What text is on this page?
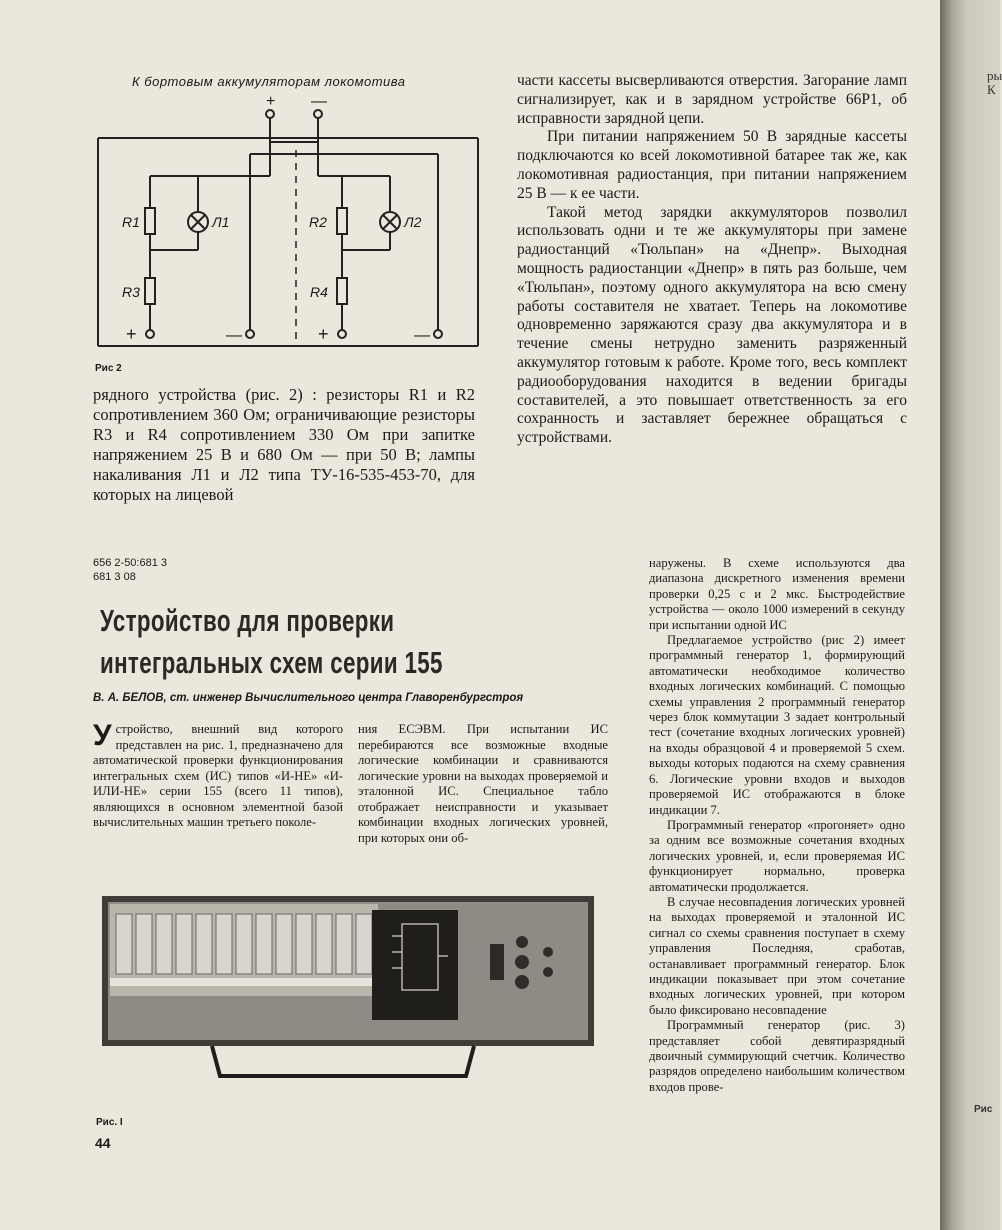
К бортовым аккумуляторам локомотива
+ —
R1	Л1
R3
R2	Л2
R4
+	—	+	—
Рис 2

рядного устройства (рис. 2) : резисторы R1 и R2 сопротивлением 360 Ом; ограничивающие резисторы R3 и R4 сопротивлением 330 Ом при запитке напряжением 25 В и 680 Ом — при 50 В; лампы накаливания Л1 и Л2 типа ТУ-16-535-453-70, для которых на лицевой

части кассеты высверливаются отверстия. Загорание ламп сигнализирует, как и в зарядном устройстве 66Р1, об исправности зарядной цепи.

При питании напряжением 50 В зарядные кассеты подключаются ко всей локомотивной батарее так же, как локомотивная радиостанция, при питании напряжением 25 В — к ее части.

Такой метод зарядки аккумуляторов позволил использовать одни и те же аккумуляторы при замене радиостанций «Тюльпан» на «Днепр». Выходная мощность радиостанции «Днепр» в пять раз больше, чем «Тюльпан», поэтому одного аккумулятора на всю смену работы составителя не хватает. Теперь на локомотиве одновременно заряжаются сразу два аккумулятора и в течение смены нетрудно заменить разряженный аккумулятор готовым к работе. Кроме того, весь комплект радиооборудования находится в ведении бригады составителей, а это повышает ответственность за его сохранность и заставляет бережнее обращаться с устройствами.

656 2-50:681 3
681 3 08
Устройство для проверки
интегральных схем серии 155
В. А. БЕЛОВ, ст. инженер Вычислительного центра Главоренбургстроя
У стройство, внешний вид которого представлен на рис. 1, предназначено для автоматической проверки функционирования интегральных схем (ИС) типов «И-НЕ» «И-ИЛИ-НЕ» серии 155 (всего 11 типов), являющихся в основном элементной базой вычислительных машин третьего поколе-

ния ЕСЭВМ. При испытании ИС перебираются все возможные входные логические комбинации и сравниваются логические уровни на выходах проверяемой и эталонной ИС. Специальное табло отображает неисправности и указывает комбинации входных логических уровней, при которых они об-

наружены. В схеме используются два диапазона дискретного изменения времени проверки 0,25 с и 2 мкс. Быстродействие устройства — около 1000 измерений в секунду при испытании одной ИС

Предлагаемое устройство (рис 2) имеет программный генератор 1, формирующий автоматически необходимое количество входных логических комбинаций. С помощью схемы управления 2 программный генератор через блок коммутации 3 задает контрольный тест (сочетание входных логических уровней) на входы образцовой 4 и проверяемой 5 схем. выходы которых подаются на схему сравнения 6. Логические уровни входов и выходов проверяемой ИС отображаются в блоке индикации 7.

Программный генератор «прогоняет» одно за одним все возможные сочетания входных логических уровней, и, если проверяемая ИС функционирует нормально, проверка автоматически продолжается.

В случае несовпадения логических уровней на выходах проверяемой и эталонной ИС сигнал со схемы сравнения поступает в схему управления Последняя, сработав, останавливает программный генератор. Блок индикации показывает при этом сочетание входных логических уровней, при котором было фиксировано несовпадение

Программный генератор (рис. 3) представляет собой девятиразрядный двоичный суммирующий счетчик. Количество разрядов определено наибольшим количеством входов прове-

Рис. I
44
ры
К
Рис
